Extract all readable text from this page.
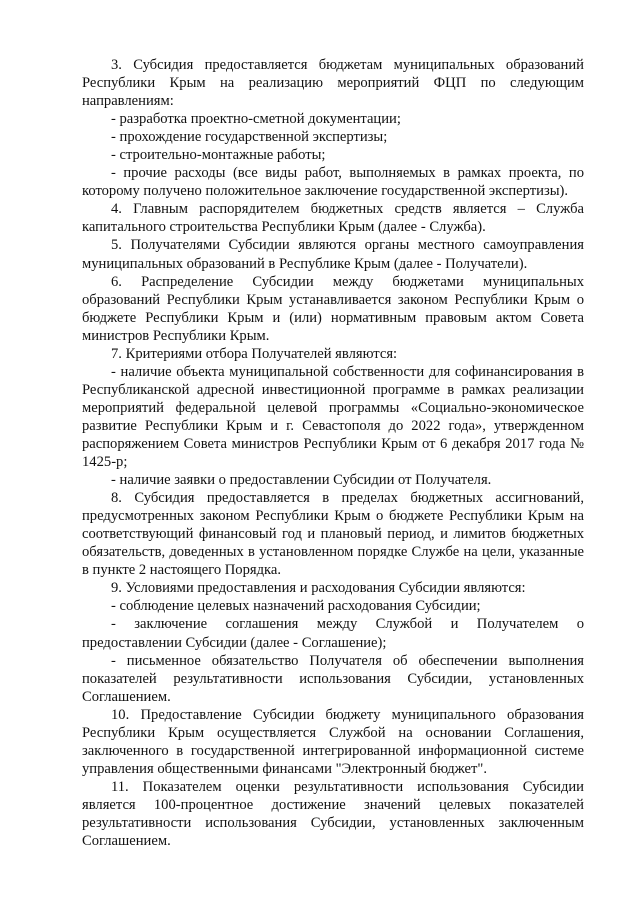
3. Субсидия предоставляется бюджетам муниципальных образований Республики Крым на реализацию мероприятий ФЦП по следующим направлениям:

- разработка проектно-сметной документации;

- прохождение государственной экспертизы;

- строительно-монтажные работы;

- прочие расходы (все виды работ, выполняемых в рамках проекта, по которому получено положительное заключение государственной экспертизы).

4. Главным распорядителем бюджетных средств является – Служба капитального строительства Республики Крым (далее - Служба).

5. Получателями Субсидии являются органы местного самоуправления муниципальных образований в Республике Крым (далее - Получатели).

6. Распределение Субсидии между бюджетами муниципальных образований Республики Крым устанавливается законом Республики Крым о бюджете Республики Крым и (или) нормативным правовым актом Совета министров Республики Крым.

7. Критериями отбора Получателей являются:

- наличие объекта муниципальной собственности для софинансирования в Республиканской адресной инвестиционной программе в рамках реализации мероприятий федеральной целевой программы «Социально-экономическое развитие Республики Крым и г. Севастополя до 2022 года», утвержденном распоряжением Совета министров Республики Крым от 6 декабря 2017 года № 1425-р;

- наличие заявки о предоставлении Субсидии от Получателя.

8. Субсидия предоставляется в пределах бюджетных ассигнований, предусмотренных законом Республики Крым о бюджете Республики Крым на соответствующий финансовый год и плановый период, и лимитов бюджетных обязательств, доведенных в установленном порядке Службе на цели, указанные в пункте 2 настоящего Порядка.

9. Условиями предоставления и расходования Субсидии являются:

- соблюдение целевых назначений расходования Субсидии;

- заключение соглашения между Службой и Получателем о предоставлении Субсидии (далее - Соглашение);

- письменное обязательство Получателя об обеспечении выполнения показателей результативности использования Субсидии, установленных Соглашением.

10. Предоставление Субсидии бюджету муниципального образования Республики Крым осуществляется Службой на основании Соглашения, заключенного в государственной интегрированной информационной системе управления общественными финансами "Электронный бюджет".

11. Показателем оценки результативности использования Субсидии является 100-процентное достижение значений целевых показателей результативности использования Субсидии, установленных заключенным Соглашением.
